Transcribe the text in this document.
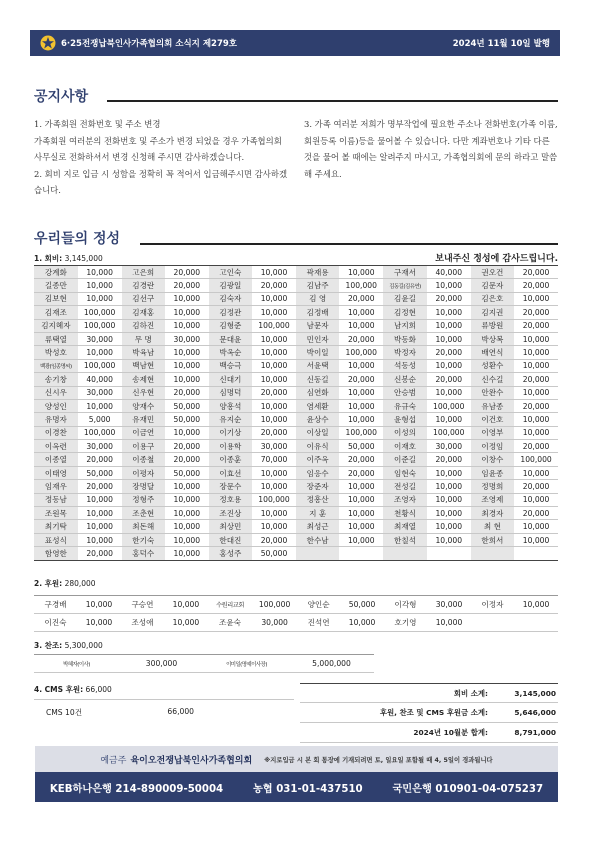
6·25전쟁납북인사가족협의회 소식지 제279호	2024년 11월 10일 발행
공지사항

1. 가족회원 전화번호 및 주소 변경

가족회원 여러분의 전화번호 및 주소가 변경 되었을 경우 가족협의회 사무실로 전화하셔서 변경 신청해 주시면 감사하겠습니다.

2. 회비 지로 입금 시 성함을 정확히 꼭 적어서 입금해주시면 감사하겠습니다.

3. 가족 여러분 저희가 명부작업에 필요한 주소나 전화번호(가족 이름, 회원등록 이름)등을 물어볼 수 있습니다. 다만 계좌번호나 기타 다른 것을 물어 볼 때에는 알려주지 마시고, 가족협의회에 문의 하라고 말씀해 주세요.

우리들의 정성
1. 회비: 3,145,000	보내주신 정성에 감사드립니다.
강계화	10,000	고은희	20,000	고인숙	10,000	곽재용	10,000	구재서	40,000	권오건	20,000
길종만	10,000	김경란	20,000	김광일	20,000	김남주	100,000	김동길(김유연)	10,000	김문자	20,000
김보현	10,000	김선구	10,000	김숙자	10,000	김 영	20,000	김윤길	20,000	김은호	10,000
김재조	100,000	김재홍	10,000	김정관	10,000	김정배	10,000	김정현	10,000	김지권	20,000
김지혜자	100,000	김하진	10,000	김형준	100,000	남문자	10,000	남지희	10,000	류방원	20,000
류택열	30,000	무 명	30,000	문대윤	10,000	민인자	20,000	박동화	10,000	박상복	10,000
박성호	10,000	박육남	10,000	박옥순	10,000	박이일	100,000	박정자	20,000	배연식	10,000
백광(임종명씨)	100,000	백남현	10,000	백승극	10,000	서윤택	10,000	석동성	10,000	성환수	10,000
송기창	40,000	송제현	10,000	신대기	10,000	신동길	20,000	신봉순	20,000	신수길	20,000
신시우	30,000	신우현	20,000	심명덕	20,000	심연화	10,000	안승범	10,000	안완수	10,000
양성인	10,000	양재수	50,000	양흥석	10,000	염세환	10,000	유규숙	100,000	유남종	20,000
유명자	5,000	유재민	50,000	유지순	10,000	윤상수	10,000	윤형섭	10,000	이건호	10,000
이경찬	100,000	이금연	10,000	이기상	20,000	이상일	100,000	이성의	100,000	이영부	10,000
이옥련	30,000	이용구	20,000	이용학	30,000	이유식	50,000	이재호	30,000	이정임	20,000
이종열	20,000	이종철	20,000	이종훈	70,000	이주옥	20,000	이준길	20,000	이창수	100,000
이태영	50,000	이평자	50,000	이효선	10,000	임응수	20,000	임현숙	10,000	임윤종	10,000
임재우	20,000	장명달	10,000	장문수	10,000	장준자	10,000	전성길	10,000	정명희	20,000
정동남	10,000	정형주	10,000	정호용	100,000	정흥산	10,000	조영자	10,000	조영제	10,000
조원목	10,000	조춘현	10,000	조진상	10,000	지 훈	10,000	천황식	10,000	최경자	20,000
최기탁	10,000	최돈해	10,000	최상민	10,000	최성근	10,000	최재열	10,000	최 현	10,000
표성식	10,000	한기숙	10,000	한대진	20,000	한수남	10,000	한칠석	10,000	한희서	10,000
함영한	20,000	홍덕수	10,000	홍성주	50,000						
2. 후원: 280,000
구경배	10,000	구승연	10,000	수원리교회	100,000	양인순	50,000	이각형	30,000	이정자	10,000
이진숙	10,000	조성애	10,000	조윤숙	30,000	진석연	10,000	호기영	10,000		
3. 찬조: 5,300,000
박혜자(이사)	300,000	이미일(명예이사장)	5,000,000
4. CMS 후원: 66,000
CMS 10건	66,000
회비 소계:	3,145,000
후원, 찬조 및 CMS 후원금 소계:	5,646,000
2024년 10월분 합계:	8,791,000
예금주 육이오전쟁납북인사가족협의회 ※지로입금 시 본 회 통장에 기재되려면 토, 일요일 포함될 때 4, 5일이 경과됩니다
KEB하나은행 214-890009-50004	농협 031-01-437510	국민은행 010901-04-075237
